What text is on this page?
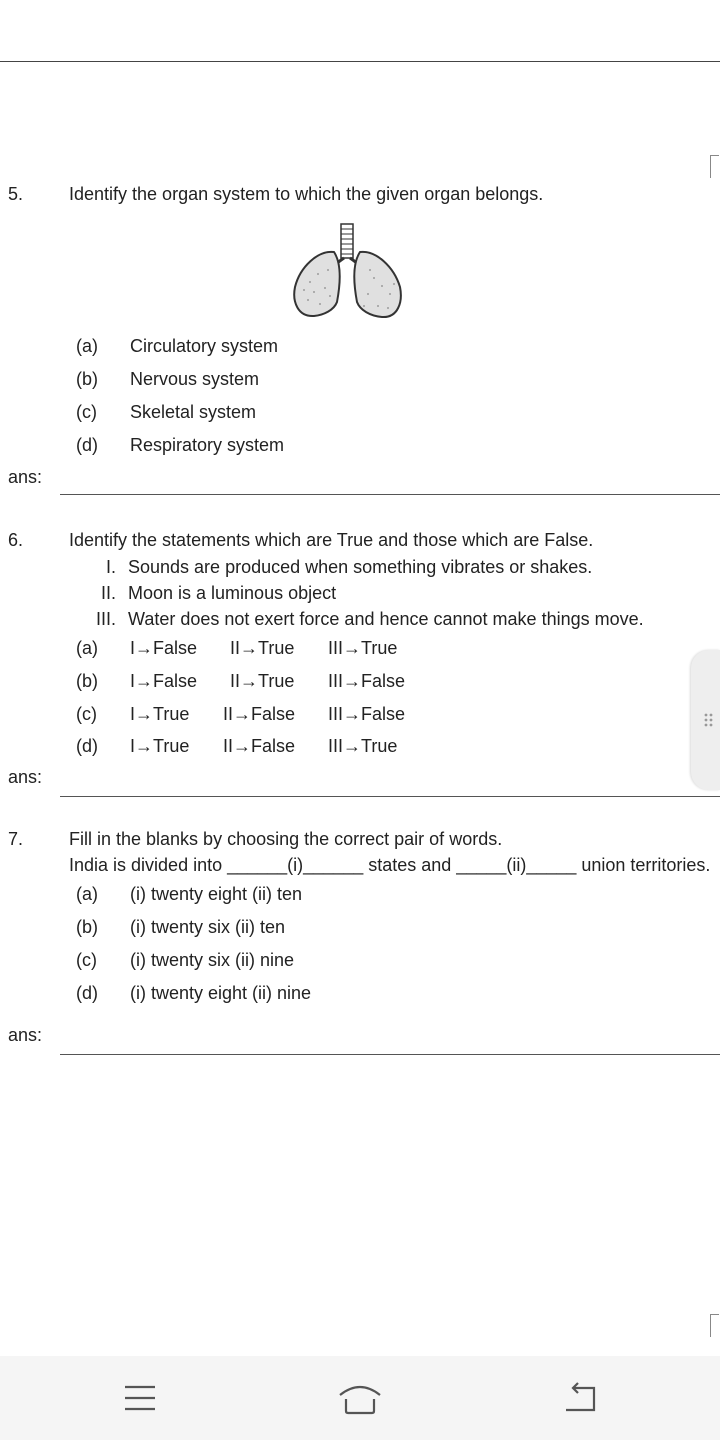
5.	Identify the organ system to which the given organ belongs.
(a) Circulatory system
(b) Nervous system
(c) Skeletal system
(d) Respiratory system
ans:
6.	Identify the statements which are True and those which are False.
I. Sounds are produced when something vibrates or shakes.
II. Moon is a luminous object
III. Water does not exert force and hence cannot make things move.
(a) I→False II→True III→True
(b) I→False II→True III→False
(c) I→True II→False III→False
(d) I→True II→False III→True
ans:
7.	Fill in the blanks by choosing the correct pair of words.
India is divided into ______(i)______ states and _____(ii)_____ union territories.
(a) (i) twenty eight (ii) ten
(b) (i) twenty six (ii) ten
(c) (i) twenty six (ii) nine
(d) (i) twenty eight (ii) nine
ans:
